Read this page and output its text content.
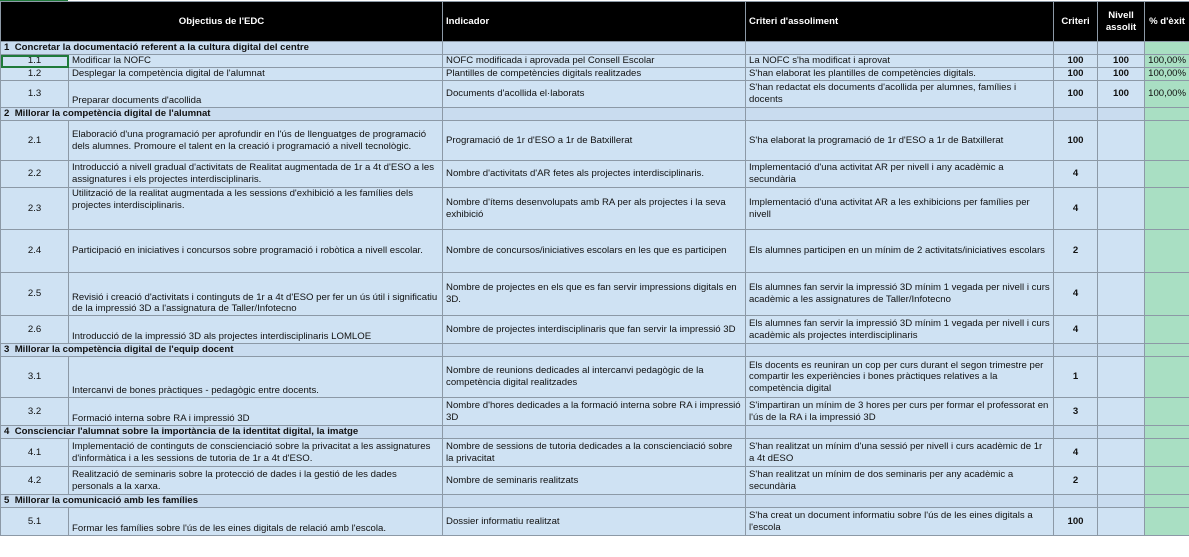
Objectius de l'EDC		Indicador	Criteri d'assoliment	Criteri	Nivell assolit	% d'èxit
1 Concretar la documentació referent a la cultura digital del centre						
1.1	Modificar la NOFC	NOFC modificada i aprovada pel Consell Escolar	La NOFC s'ha modificat i aprovat	100	100	100,00%
1.2	Desplegar la competència digital de l'alumnat	Plantilles de competències digitals realitzades	S'han elaborat les plantilles de competències digitals.	100	100	100,00%
1.3	Preparar documents d'acollida	Documents d'acollida el·laborats	S'han redactat els documents d'acollida per alumnes, famílies i docents	100	100	100,00%
2 Millorar la competència digital de l'alumnat						
2.1	Elaboració d'una programació per aprofundir en l'ús de llenguatges de programació dels alumnes. Promoure el talent en la creació i programació a nivell tecnològic.	Programació de 1r d'ESO a 1r de Batxillerat	S'ha elaborat la programació de 1r d'ESO a 1r de Batxillerat	100		
2.2	Introducció a nivell gradual d'activitats de Realitat augmentada de 1r a 4t d'ESO a les assignatures i els projectes interdisciplinaris.	Nombre d'activitats d'AR fetes als projectes interdisciplinaris.	Implementació d'una activitat AR per nivell i any acadèmic a secundària	4		
2.3	Utilització de la realitat augmentada a les sessions d'exhibició a les famílies dels projectes interdisciplinaris.	Nombre d'ítems desenvolupats amb RA per als projectes i la seva exhibició	Implementació d'una activitat AR a les exhibicions per famílies per nivell	4		
2.4	Participació en iniciatives i concursos sobre programació i robòtica a nivell escolar.	Nombre de concursos/iniciatives escolars en les que es participen	Els alumnes participen en un mínim de 2 activitats/iniciatives escolars	2		
2.5	Revisió i creació d'activitats i continguts de 1r a 4t d'ESO per fer un ús útil i significatiu de la impressió 3D a l'assignatura de Taller/Infotecno	Nombre de projectes en els que es fan servir impressions digitals en 3D.	Els alumnes fan servir la impressió 3D mínim 1 vegada per nivell i curs acadèmic a les assignatures de Taller/Infotecno	4		
2.6	Introducció de la impressió 3D als projectes interdisciplinaris LOMLOE	Nombre de projectes interdisciplinaris que fan servir la impressió 3D	Els alumnes fan servir la impressió 3D mínim 1 vegada per nivell i curs acadèmic als projectes interdisciplinaris	4		
3 Millorar la competència digital de l'equip docent						
3.1	Intercanvi de bones pràctiques - pedagògic entre docents.	Nombre de reunions dedicades al intercanvi pedagògic de la competència digital realitzades	Els docents es reuniran un cop per curs durant el segon trimestre per compartir les experiències i bones pràctiques relatives a la competència digital	1		
3.2	Formació interna sobre RA i impressió 3D	Nombre d'hores dedicades a la formació interna sobre RA i impressió 3D	S'impartiran un mínim de 3 hores per curs per formar el professorat en l'ús de la RA i la impressió 3D	3		
4 Conscienciar l'alumnat sobre la importància de la identitat digital, la imatge						
4.1	Implementació de continguts de conscienciació sobre la privacitat a les assignatures d'informàtica i a les sessions de tutoria de 1r a 4t d'ESO.	Nombre de sessions de tutoria dedicades a la conscienciació sobre la privacitat	S'han realitzat un mínim d'una sessió per nivell i curs acadèmic de 1r a 4t dESO	4		
4.2	Realització de seminaris sobre la protecció de dades i la gestió de les dades personals a la xarxa.	Nombre de seminaris realitzats	S'han realitzat un mínim de dos seminaris per any acadèmic a secundària	2		
5 Millorar la comunicació amb les famílies						
5.1	Formar les famílies sobre l'ús de les eines digitals de relació amb l'escola.	Dossier informatiu realitzat	S'ha creat un document informatiu sobre l'ús de les eines digitals a l'escola	100		
